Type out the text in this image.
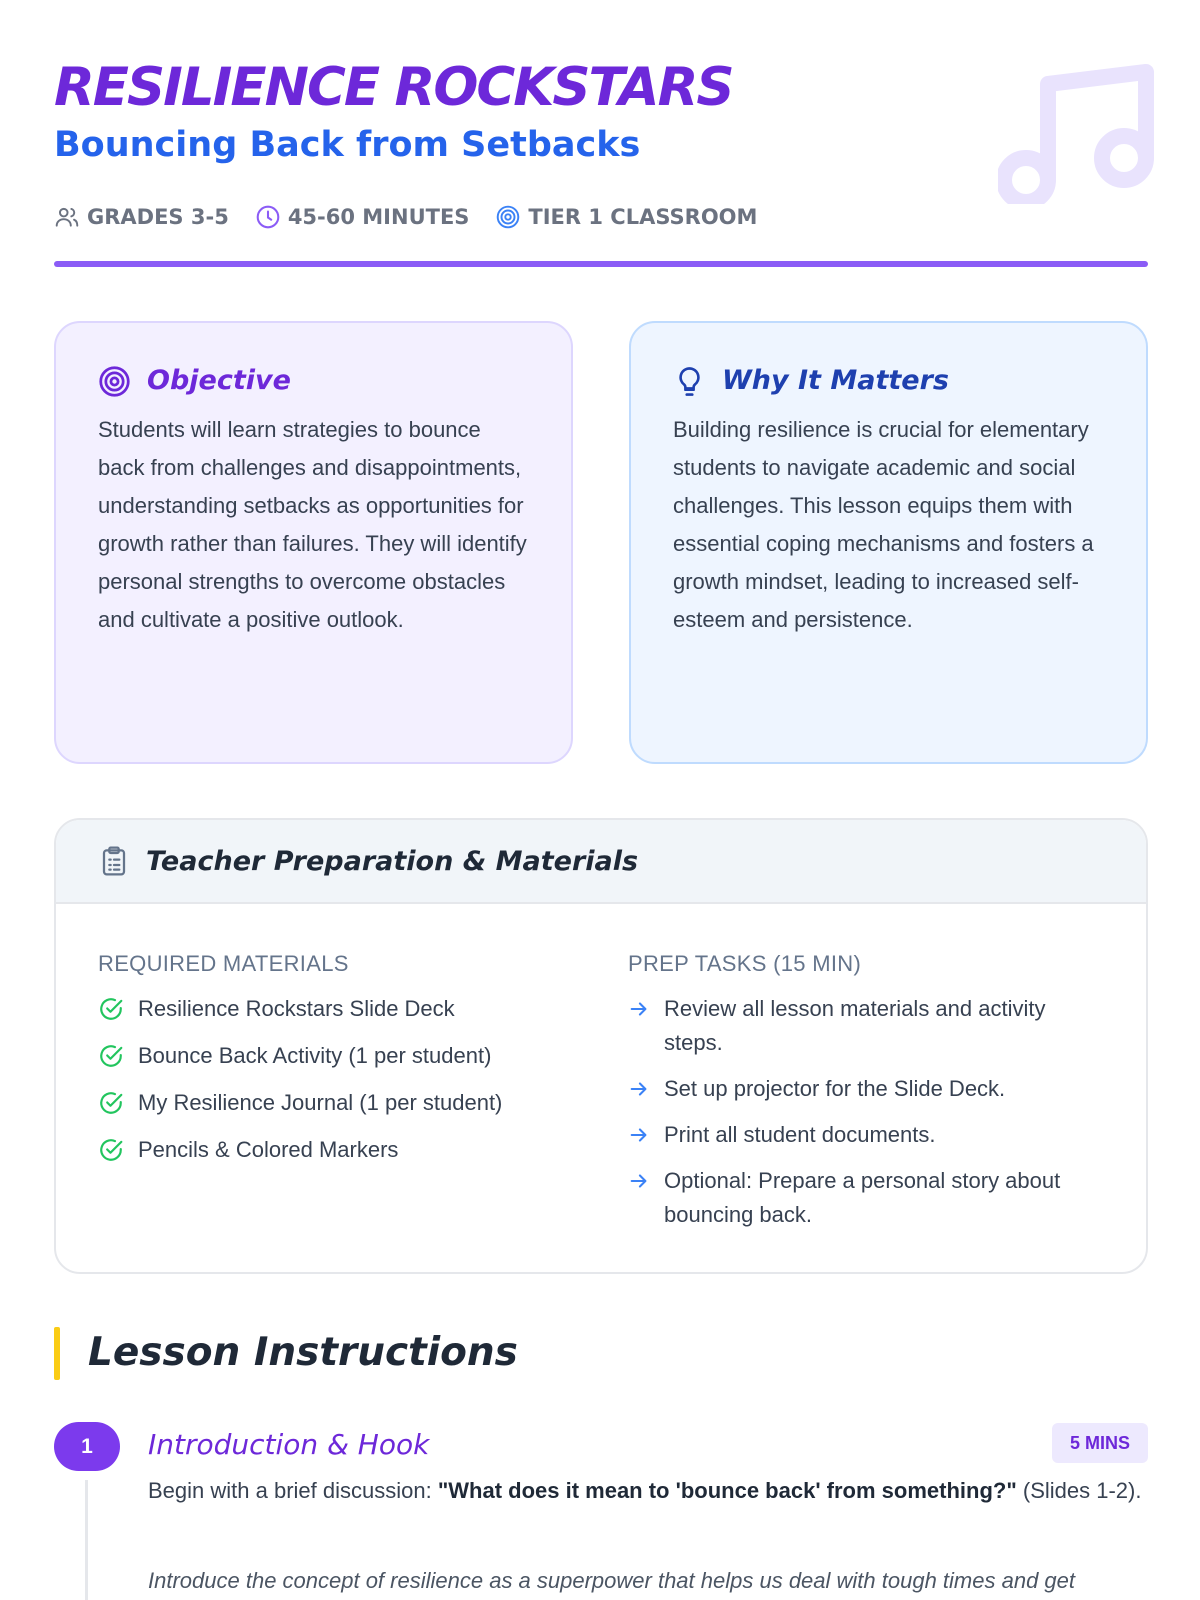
RESILIENCE ROCKSTARS
Bouncing Back from Setbacks
GRADES 3-5	45-60 MINUTES	TIER 1 CLASSROOM
Objective

Students will learn strategies to bounce back from challenges and disappointments, understanding setbacks as opportunities for growth rather than failures. They will identify personal strengths to overcome obstacles and cultivate a positive outlook.

Why It Matters

Building resilience is crucial for elementary students to navigate academic and social challenges. This lesson equips them with essential coping mechanisms and fosters a growth mindset, leading to increased self-esteem and persistence.

Teacher Preparation & Materials
REQUIRED MATERIALS
Resilience Rockstars Slide Deck
Bounce Back Activity (1 per student)
My Resilience Journal (1 per student)
Pencils & Colored Markers
PREP TASKS (15 MIN)
Review all lesson materials and activity steps.
Set up projector for the Slide Deck.
Print all student documents.
Optional: Prepare a personal story about bouncing back.
Lesson Instructions
1	Introduction & Hook	5 MINS

Begin with a brief discussion: "What does it mean to 'bounce back' from something?" (Slides 1-2).

Introduce the concept of resilience as a superpower that helps us deal with tough times and get
